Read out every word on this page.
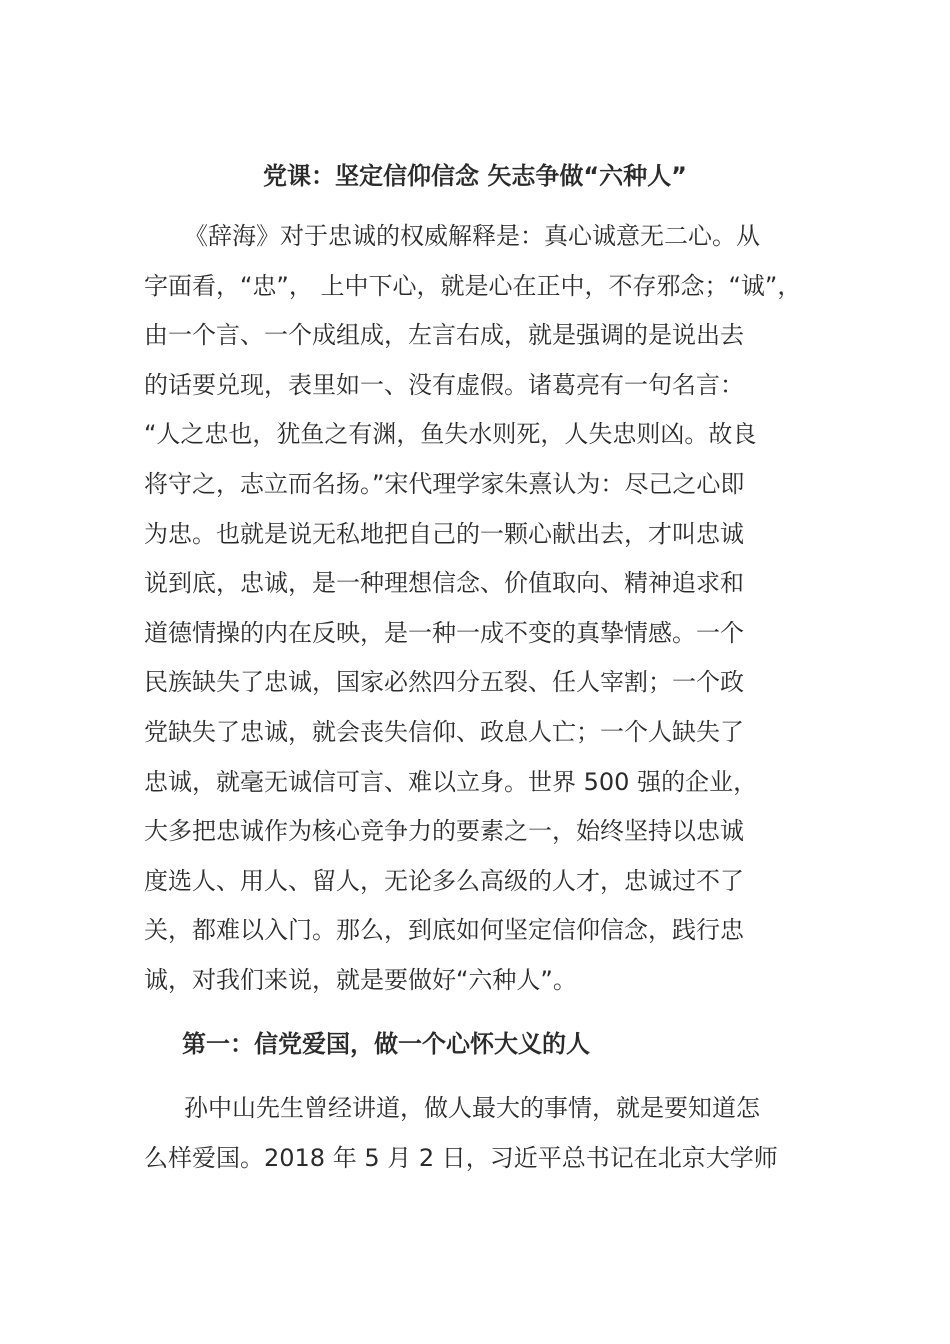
党课：坚定信仰信念 矢志争做“六种人”
《辞海》对于忠诚的权威解释是：真心诚意无二心。从
字面看，“忠”， 上中下心，就是心在正中，不存邪念；“诚”，
由一个言、一个成组成，左言右成，就是强调的是说出去
的话要兑现，表里如一、没有虚假。诸葛亮有一句名言：
“人之忠也，犹鱼之有渊，鱼失水则死，人失忠则凶。故良
将守之，志立而名扬。”宋代理学家朱熹认为：尽己之心即
为忠。也就是说无私地把自己的一颗心献出去，才叫忠诚
说到底，忠诚，是一种理想信念、价值取向、精神追求和
道德情操的内在反映，是一种一成不变的真挚情感。一个
民族缺失了忠诚，国家必然四分五裂、任人宰割；一个政
党缺失了忠诚，就会丧失信仰、政息人亡；一个人缺失了
忠诚，就毫无诚信可言、难以立身。世界 500 强的企业，
大多把忠诚作为核心竞争力的要素之一，始终坚持以忠诚
度选人、用人、留人，无论多么高级的人才，忠诚过不了
关，都难以入门。那么，到底如何坚定信仰信念，践行忠
诚，对我们来说，就是要做好“六种人”。
第一：信党爱国，做一个心怀大义的人
孙中山先生曾经讲道，做人最大的事情，就是要知道怎
么样爱国。2018 年 5 月 2 日，习近平总书记在北京大学师
